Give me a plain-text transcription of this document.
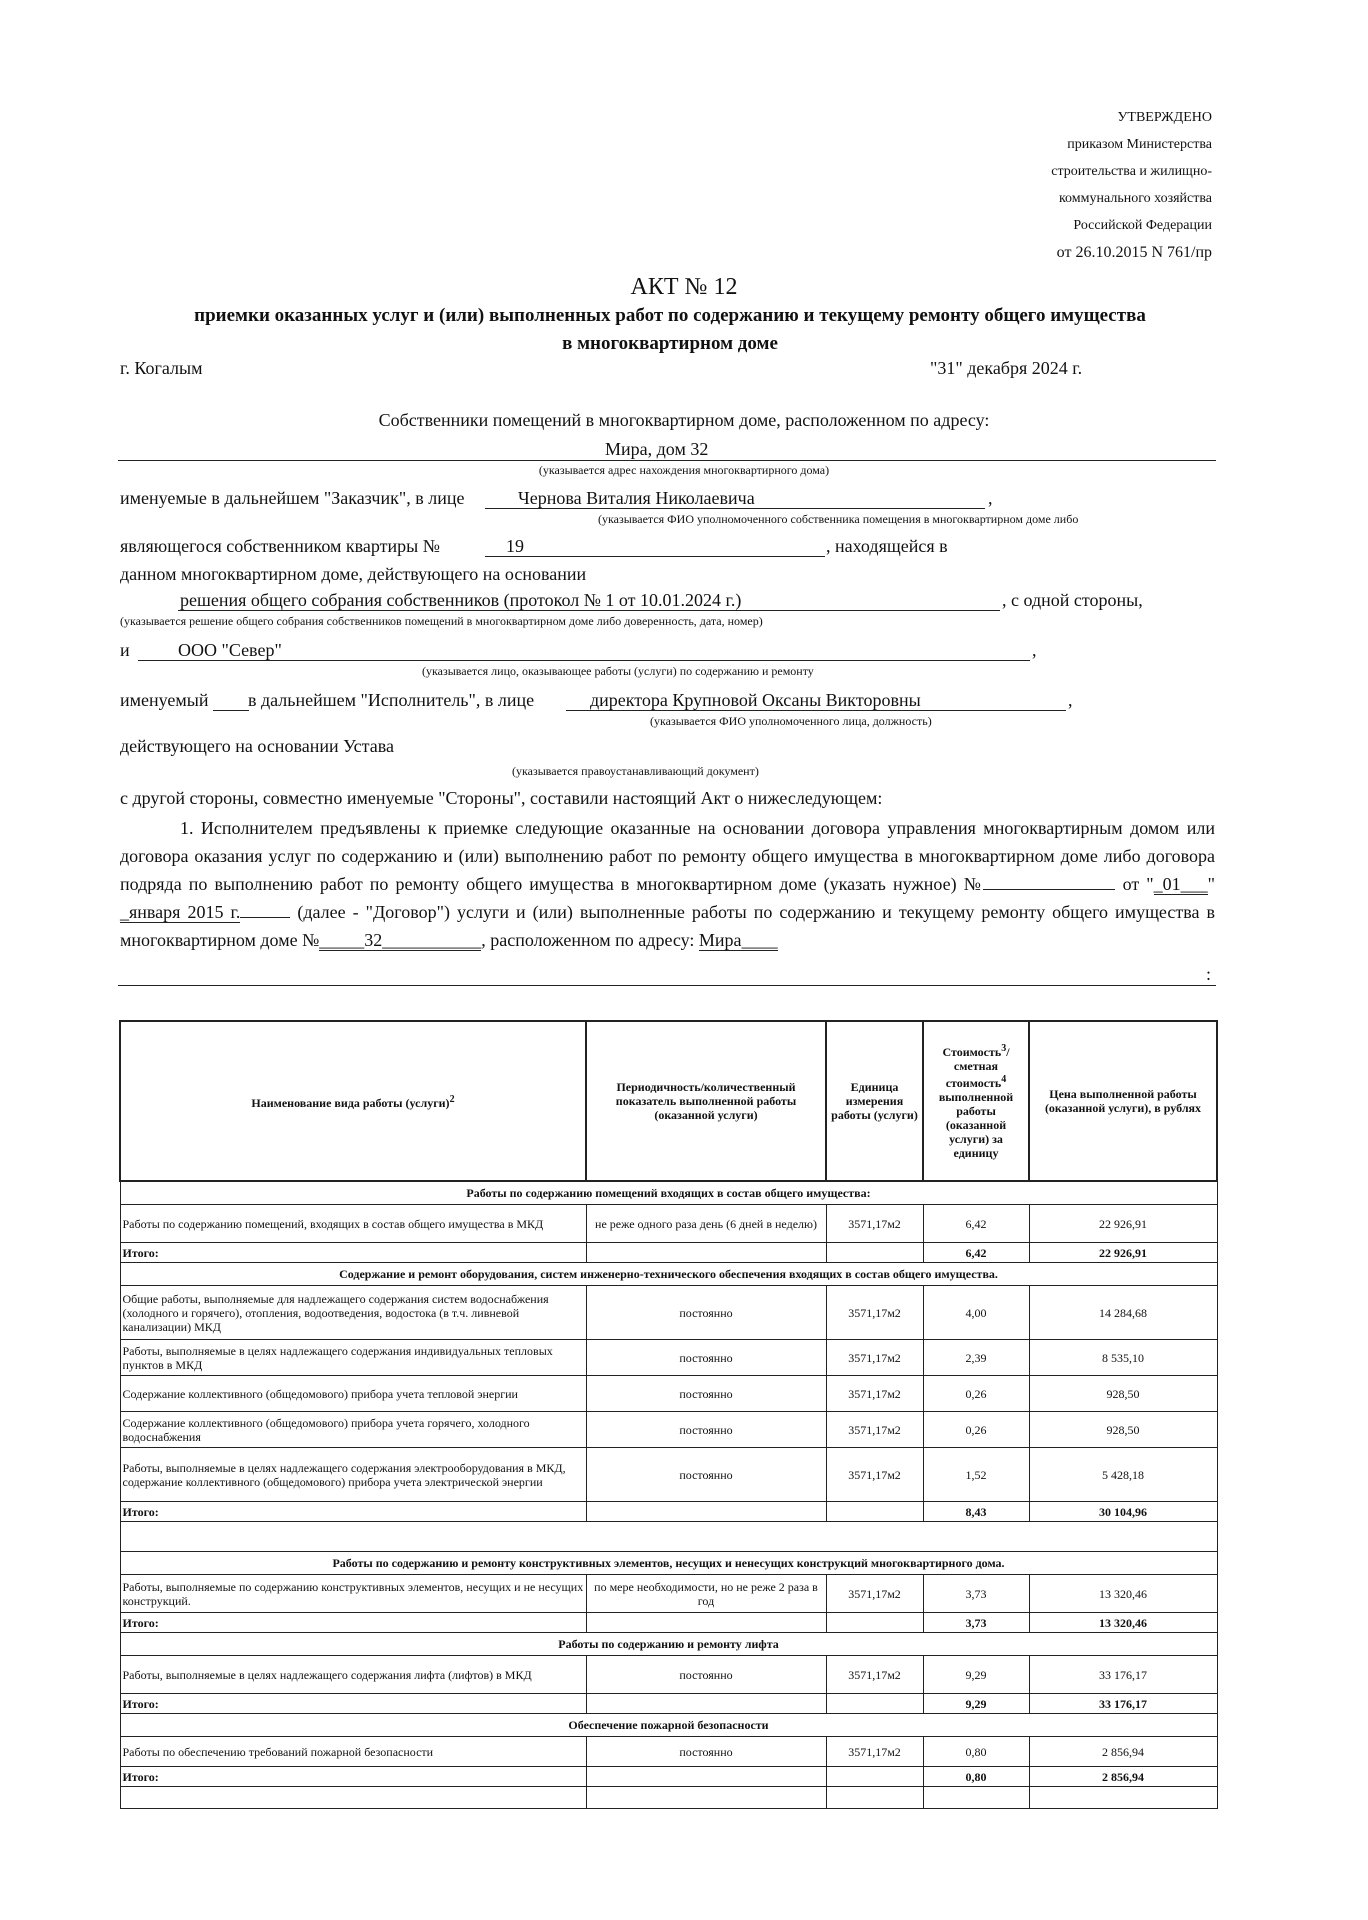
УТВЕРЖДЕНО
приказом Министерства
строительства и жилищно-
коммунального хозяйства
Российской Федерации
от 26.10.2015 N 761/пр
АКТ № 12
приемки оказанных услуг и (или) выполненных работ по содержанию и текущему ремонту общего имущества
в многоквартирном доме
г. Когалым	"31" декабря 2024 г.
Собственники помещений в многоквартирном доме, расположенном по адресу:
Мира, дом 32
(указывается адрес нахождения многоквартирного дома)
именуемые в дальнейшем "Заказчик", в лице	Чернова Виталия Николаевича	,
(указывается ФИО уполномоченного собственника помещения в многоквартирном доме либо
являющегося собственником квартиры №	19	, находящейся в
данном многоквартирном доме, действующего на основании
решения общего собрания собственников (протокол № 1 от 10.01.2024 г.)	, с одной стороны,
(указывается решение общего собрания собственников помещений в многоквартирном доме либо доверенность, дата, номер)
и	ООО "Север"	,
(указывается лицо, оказывающее работы (услуги) по содержанию и ремонту
именуемый в дальнейшем "Исполнитель", в лице	директора Крупновой Оксаны Викторовны	,
(указывается ФИО уполномоченного лица, должность)
действующего на основании Устава
(указывается правоустанавливающий документ)
с другой стороны, совместно именуемые "Стороны", составили настоящий Акт о нижеследующем:
1. Исполнителем предъявлены к приемке следующие оказанные на основании договора управления многоквартирным домом или договора оказания услуг по содержанию и (или) выполнению работ по ремонту общего имущества в многоквартирном доме либо договора подряда по выполнению работ по ремонту общего имущества в многоквартирном доме (указать нужное) №	от "_01___" _января 2015 г.	(далее - "Договор") услуги и (или) выполненные работы по содержанию и текущему ремонту общего имущества в многоквартирном доме №_____32___________, расположенном по адресу: Мира____
:
Наименование вида работы (услуги)$^2$	Периодичность/количественный показатель выполненной работы (оказанной услуги)	Единица измерения работы (услуги)	Стоимость$^3$/сметная стоимость$^4$ выполненной работы (оказанной услуги) за единицу	Цена выполненной работы (оказанной услуги), в рублях
Работы по содержанию помещений входящих в состав общего имущества:				
Работы по содержанию помещений, входящих в состав общего имущества в МКД	не реже одного раза день (6 дней в неделю)	3571,17м2	6,42	22 926,91
Итого:			6,42	22 926,91
Содержание и ремонт оборудования, систем инженерно-технического обеспечения входящих в состав общего имущества.				
Общие работы, выполняемые для надлежащего содержания систем водоснабжения (холодного и горячего), отопления, водоотведения, водостока (в т.ч. ливневой канализации) МКД	постоянно	3571,17м2	4,00	14 284,68
Работы, выполняемые в целях надлежащего содержания индивидуальных тепловых пунктов в МКД	постоянно	3571,17м2	2,39	8 535,10
Содержание коллективного (общедомового) прибора учета тепловой энергии	постоянно	3571,17м2	0,26	928,50
Содержание коллективного (общедомового) прибора учета горячего, холодного водоснабжения	постоянно	3571,17м2	0,26	928,50
Работы, выполняемые в целях надлежащего содержания электрооборудования в МКД, содержание коллективного (общедомового) прибора учета электрической энергии	постоянно	3571,17м2	1,52	5 428,18
Итого:			8,43	30 104,96

Работы по содержанию и ремонту конструктивных элементов, несущих и ненесущих конструкций многоквартирного дома.				
Работы, выполняемые по содержанию конструктивных элементов, несущих и не несущих конструкций.	по мере необходимости, но не реже 2 раза в год	3571,17м2	3,73	13 320,46
Итого:			3,73	13 320,46
Работы по содержанию и ремонту лифта				
Работы, выполняемые в целях надлежащего содержания лифта (лифтов) в МКД	постоянно	3571,17м2	9,29	33 176,17
Итого:			9,29	33 176,17
Обеспечение пожарной безопасности				
Работы по обеспечению требований пожарной безопасности	постоянно	3571,17м2	0,80	2 856,94
Итого:			0,80	2 856,94
